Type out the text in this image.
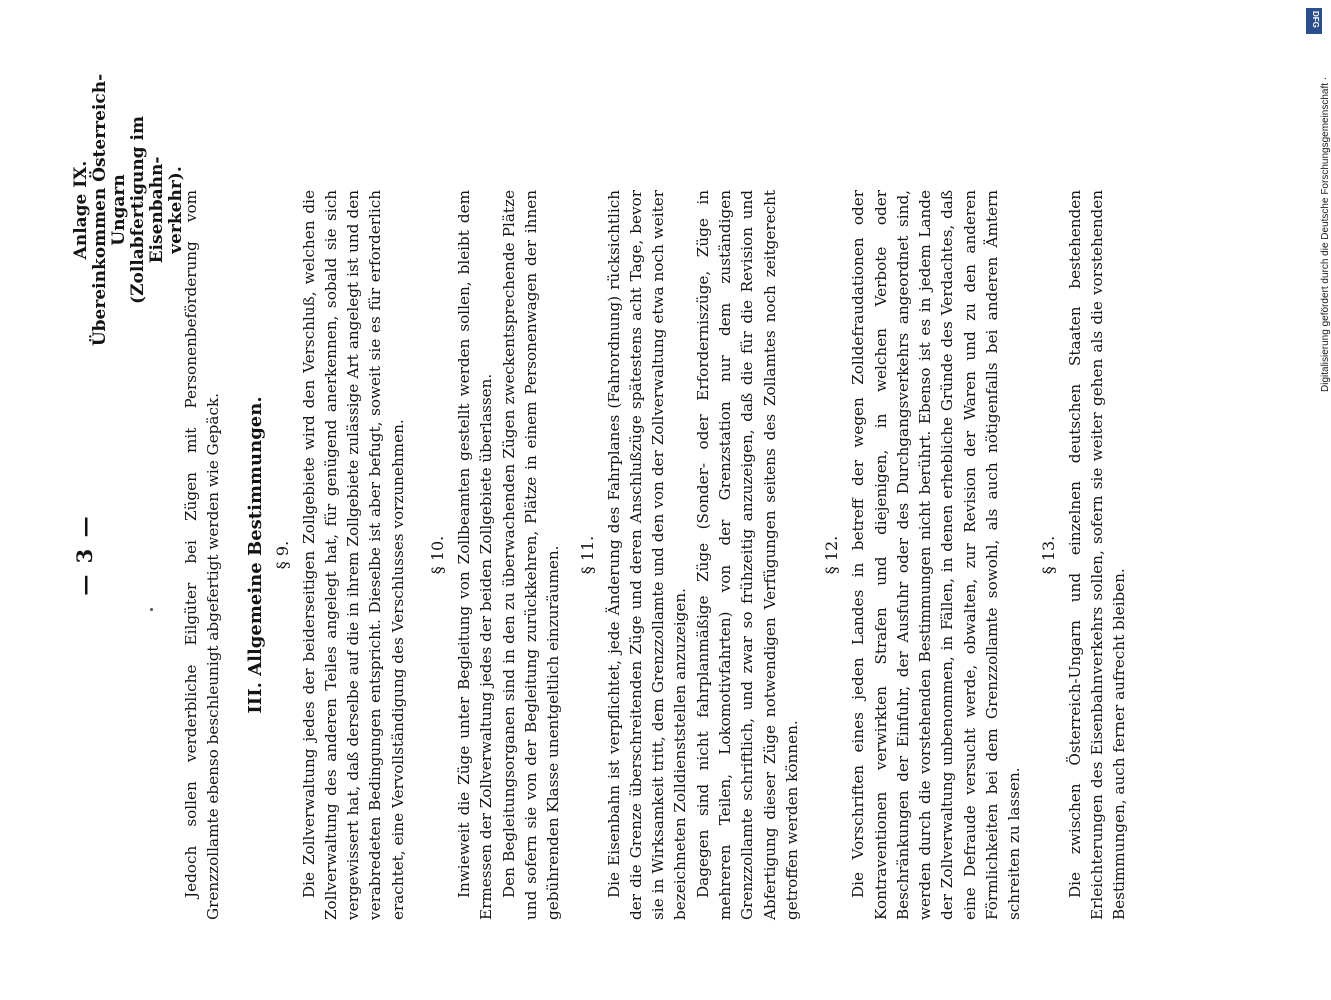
— 3 —
Anlage IX. Übereinkommen Österreich-Ungarn (Zollabfertigung im Eisenbahn- verkehr).

Jedoch sollen verderbliche Eilgüter bei Zügen mit Personenbeförderung vom Grenzzollamte ebenso beschleunigt abgefertigt werden wie Gepäck. III. Allgemeine Bestimmungen. § 9. Die Zollverwaltung jedes der beiderseitigen Zollgebiete wird den Verschluß, welchen die Zollverwaltung des anderen Teiles angelegt hat, für genügend anerkennen, sobald sie sich vergewissert hat, daß derselbe auf die in ihrem Zollgebiete zulässige Art angelegt ist und den verabredeten Bedingungen entspricht. Dieselbe ist aber befugt, soweit sie es für erforderlich erachtet, eine Vervollständigung des Verschlusses vorzunehmen. § 10. Inwieweit die Züge unter Begleitung von Zollbeamten gestellt werden sollen, bleibt dem Ermessen der Zollverwaltung jedes der beiden Zollgebiete überlassen. Den Begleitungsorganen sind in den zu überwachenden Zügen zweckentsprechende Plätze und sofern sie von der Begleitung zurückkehren, Plätze in einem Personenwagen der ihnen gebührenden Klasse unentgeltlich einzuräumen. § 11. Die Eisenbahn ist verpflichtet, jede Änderung des Fahrplanes (Fahrordnung) rücksichtlich der die Grenze überschreitenden Züge und deren Anschlußzüge spätestens acht Tage, bevor sie in Wirksamkeit tritt, dem Grenzzollamte und den von der Zollverwaltung etwa noch weiter bezeichneten Zolldienststellen anzuzeigen. Dagegen sind nicht fahrplanmäßige Züge (Sonder- oder Erforderniszüge, Züge in mehreren Teilen, Lokomotivfahrten) von der Grenzstation nur dem zuständigen Grenzzollamte schriftlich, und zwar so frühzeitig anzuzeigen, daß die für die Revision und Abfertigung dieser Züge notwendigen Verfügungen seitens des Zollamtes noch zeitgerecht getroffen werden können.

§ 12. Die Vorschriften eines jeden Landes in betreff der wegen Zolldefraudationen oder Kontraventionen verwirkten Strafen und diejenigen, in welchen Verbote oder Beschränkungen der Einfuhr, der Ausfuhr oder des Durchgangsverkehrs angeordnet sind, werden durch die vorstehenden Bestimmungen nicht berührt. Ebenso ist es in jedem Lande der Zollverwaltung unbenommen, in Fällen, in denen erhebliche Gründe des Verdachtes, daß eine Defraude versucht werde, obwalten, zur Revision der Waren und zu den anderen Förmlichkeiten bei dem Grenzzollamte sowohl, als auch nötigenfalls bei anderen Ämtern schreiten zu lassen.

§ 13. Die zwischen Österreich-Ungarn und einzelnen deutschen Staaten bestehenden Erleichterungen des Eisenbahnverkehrs sollen, sofern sie weiter gehen als die vorstehenden Bestimmungen, auch ferner aufrecht bleiben.

DFG
Digitalisierung gefördert durch die Deutsche Forschungsgemeinschaft ·
